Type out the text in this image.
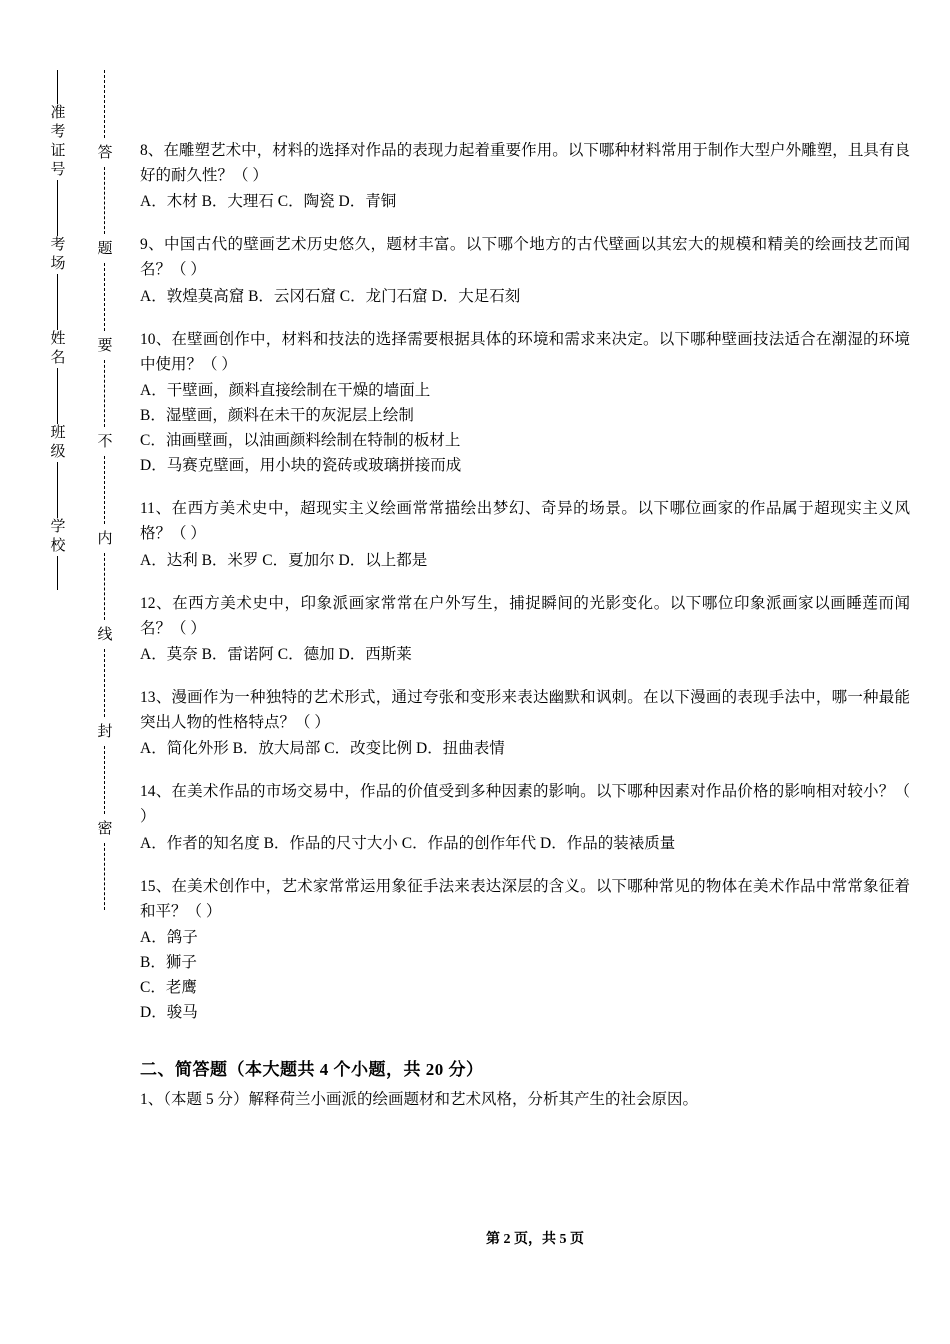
准考证号
考场
姓名
班级
学校
答
题
要
不
内
线
封
密
8、在雕塑艺术中，材料的选择对作品的表现力起着重要作用。以下哪种材料常用于制作大型户外雕塑，且具有良好的耐久性？（ ）
A．木材 B．大理石 C．陶瓷 D．青铜
9、中国古代的壁画艺术历史悠久，题材丰富。以下哪个地方的古代壁画以其宏大的规模和精美的绘画技艺而闻名？（ ）
A．敦煌莫高窟 B．云冈石窟 C．龙门石窟 D．大足石刻
10、在壁画创作中，材料和技法的选择需要根据具体的环境和需求来决定。以下哪种壁画技法适合在潮湿的环境中使用？（ ）
A．干壁画，颜料直接绘制在干燥的墙面上
B．湿壁画，颜料在未干的灰泥层上绘制
C．油画壁画，以油画颜料绘制在特制的板材上
D．马赛克壁画，用小块的瓷砖或玻璃拼接而成
11、在西方美术史中，超现实主义绘画常常描绘出梦幻、奇异的场景。以下哪位画家的作品属于超现实主义风格？（ ）
A．达利 B．米罗 C．夏加尔 D．以上都是
12、在西方美术史中，印象派画家常常在户外写生，捕捉瞬间的光影变化。以下哪位印象派画家以画睡莲而闻名？（ ）
A．莫奈 B．雷诺阿 C．德加 D．西斯莱
13、漫画作为一种独特的艺术形式，通过夸张和变形来表达幽默和讽刺。在以下漫画的表现手法中，哪一种最能突出人物的性格特点？（ ）
A．简化外形 B．放大局部 C．改变比例 D．扭曲表情
14、在美术作品的市场交易中，作品的价值受到多种因素的影响。以下哪种因素对作品价格的影响相对较小？（ ）
A．作者的知名度 B．作品的尺寸大小 C．作品的创作年代 D．作品的装裱质量
15、在美术创作中，艺术家常常运用象征手法来表达深层的含义。以下哪种常见的物体在美术作品中常常象征着和平？（ ）
A．鸽子
B．狮子
C．老鹰
D．骏马
二、简答题（本大题共 4 个小题，共 20 分）
1、（本题 5 分）解释荷兰小画派的绘画题材和艺术风格，分析其产生的社会原因。
第 2 页，共 5 页
